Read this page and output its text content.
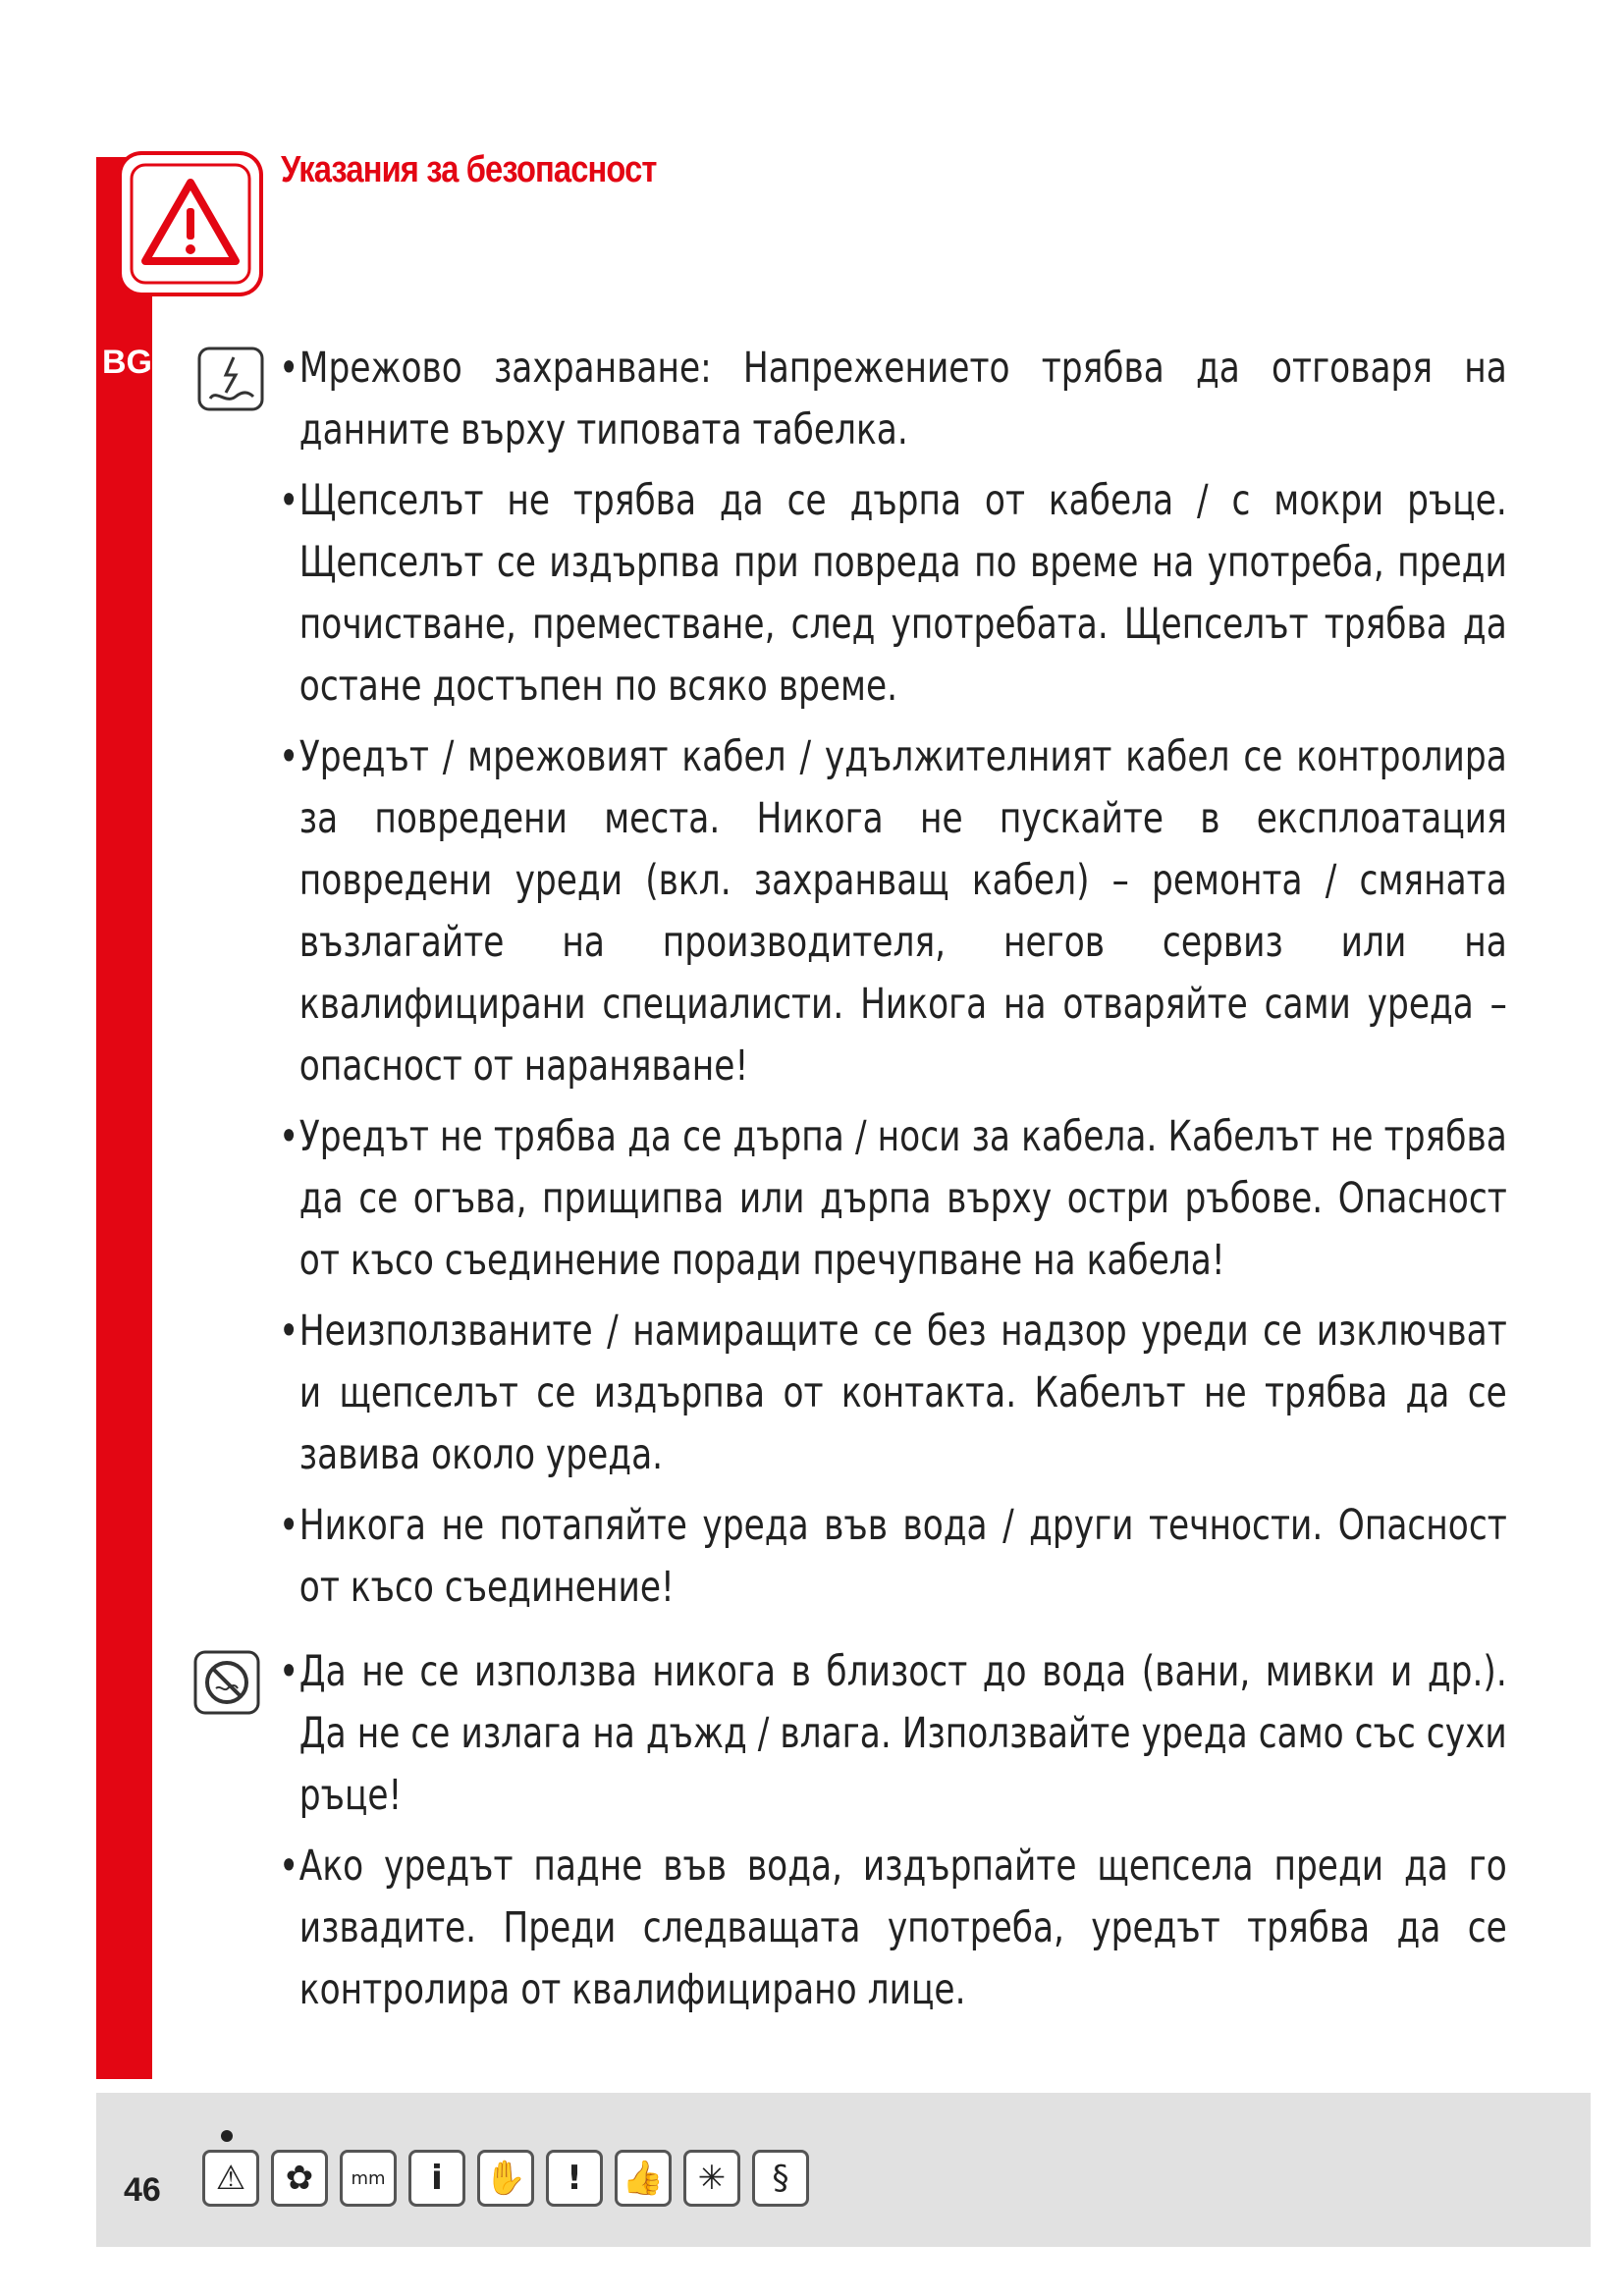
Указания за безопасност
BG
•	Мрежово захранване: Напрежението трябва да отговаря на данните върху типовата табелка.
• Щепселът не трябва да се дърпа от кабела / с мокри ръце. Щепселът се издърпва при повреда по време на употреба, преди почистване, преместване, след употребата. Щепселът трябва да остане достъпен по всяко време.
• Уредът / мрежовият кабел / удължителният кабел се контролира за повредени места. Никога не пускайте в експлоатация повредени уреди (вкл. захранващ кабел) – ремонта / смяната възлагайте на производителя, негов сервиз или на квалифицирани специалисти. Никога на отваряйте сами уреда – опасност от нараняване!
• Уредът не трябва да се дърпа / носи за кабела. Кабелът не трябва да се огъва, прищипва или дърпа върху остри ръбове. Опасност от късо съединение поради пречупване на кабела!
• Неизползваните / намиращите се без надзор уреди се изключват и щепселът се издърпва от контакта. Кабелът не трябва да се завива около уреда.
• Никога не потапяйте уреда във вода / други течности. Опасност от късо съединение!
• Да не се използва никога в близост до вода (вани, мивки и др.). Да не се излага на дъжд / влага. Използвайте уреда само със сухи ръце!
• Ако уредът падне във вода, издърпайте щепсела преди да го извадите. Преди следващата употреба, уредът трябва да се контролира от квалифицирано лице.
46	⚠	✿	mm	i	✋	!	👍	✳	§
